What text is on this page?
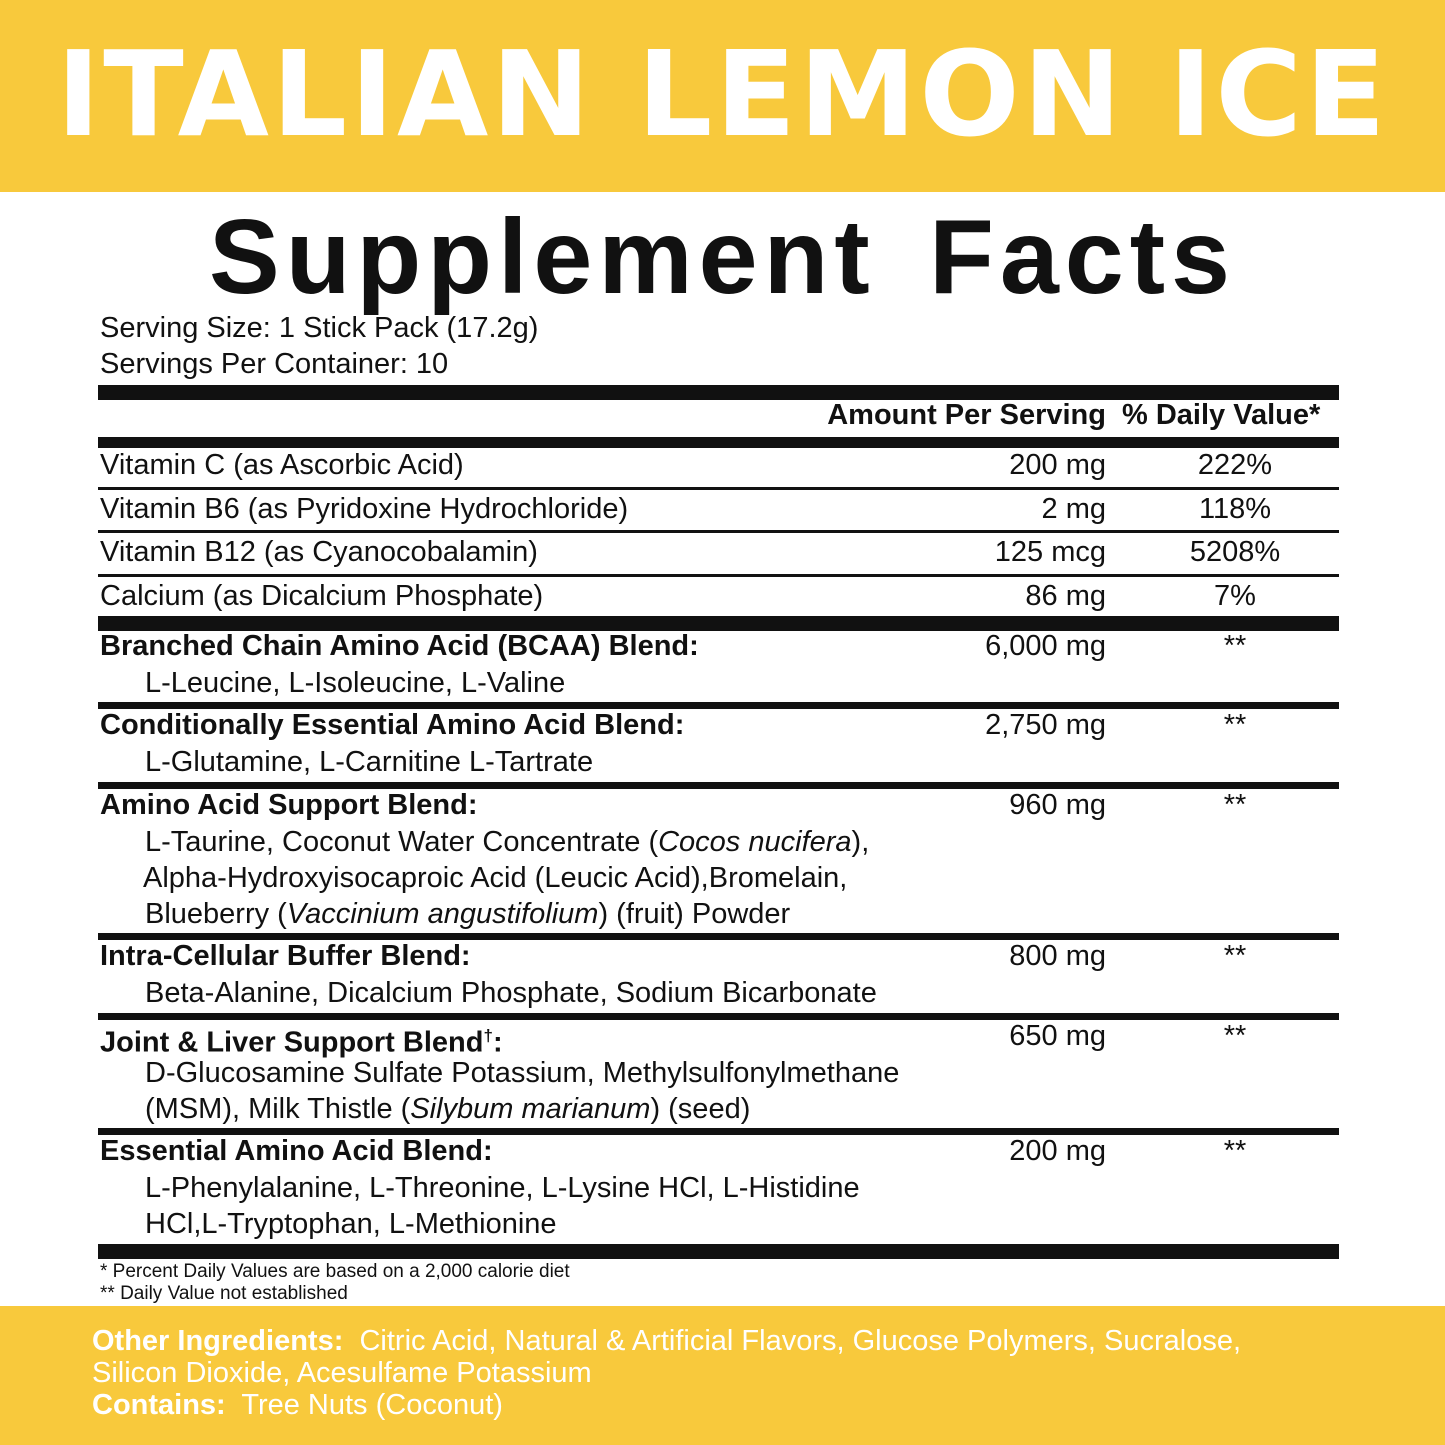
ITALIAN LEMON ICE
Supplement Facts
Serving Size: 1 Stick Pack (17.2g)
Servings Per Container: 10
Amount Per Serving % Daily Value*
Vitamin C (as Ascorbic Acid)	200 mg	222%
Vitamin B6 (as Pyridoxine Hydrochloride)	2 mg	118%
Vitamin B12 (as Cyanocobalamin)	125 mcg	5208%
Calcium (as Dicalcium Phosphate)	86 mg	7%
Branched Chain Amino Acid (BCAA) Blend:	6,000 mg	**
L-Leucine, L-Isoleucine, L-Valine
Conditionally Essential Amino Acid Blend:	2,750 mg	**
L-Glutamine, L-Carnitine L-Tartrate
Amino Acid Support Blend:	960 mg	**
L-Taurine, Coconut Water Concentrate (Cocos nucifera),
Alpha-Hydroxyisocaproic Acid (Leucic Acid),Bromelain,
Blueberry (Vaccinium angustifolium) (fruit) Powder
Intra-Cellular Buffer Blend:	800 mg	**
Beta-Alanine, Dicalcium Phosphate, Sodium Bicarbonate
Joint & Liver Support Blend†:	650 mg	**
D-Glucosamine Sulfate Potassium, Methylsulfonylmethane
(MSM), Milk Thistle (Silybum marianum) (seed)
Essential Amino Acid Blend:	200 mg	**
L-Phenylalanine, L-Threonine, L-Lysine HCl, L-Histidine
HCl,L-Tryptophan, L-Methionine
* Percent Daily Values are based on a 2,000 calorie diet
** Daily Value not established
Other Ingredients: Citric Acid, Natural & Artificial Flavors, Glucose Polymers, Sucralose,
Silicon Dioxide, Acesulfame Potassium
Contains: Tree Nuts (Coconut)
